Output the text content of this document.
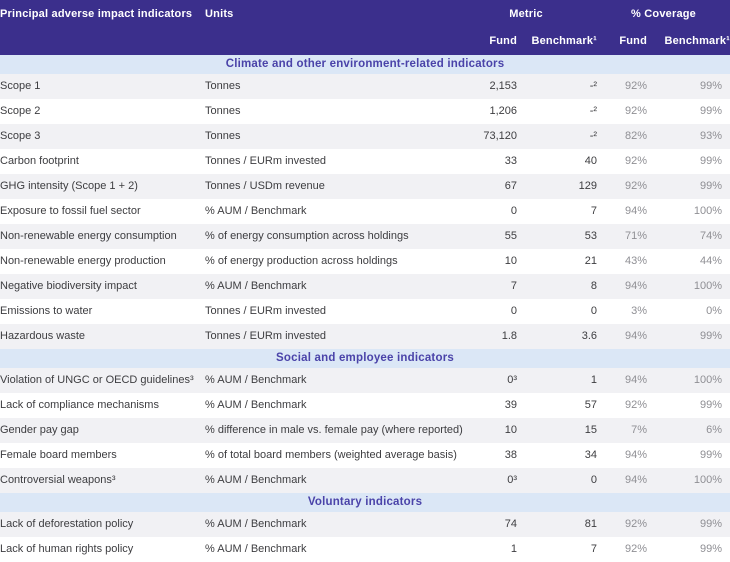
Principal adverse impact indicators	Units	Metric		% Coverage	
		Fund	Benchmark¹	Fund	Benchmark¹
Climate and other environment-related indicators					
Scope 1	Tonnes	2,153	-²	92%	99%
Scope 2	Tonnes	1,206	-²	92%	99%
Scope 3	Tonnes	73,120	-²	82%	93%
Carbon footprint	Tonnes / EURm invested	33	40	92%	99%
GHG intensity (Scope 1 + 2)	Tonnes / USDm revenue	67	129	92%	99%
Exposure to fossil fuel sector	% AUM / Benchmark	0	7	94%	100%
Non-renewable energy consumption	% of energy consumption across holdings	55	53	71%	74%
Non-renewable energy production	% of energy production across holdings	10	21	43%	44%
Negative biodiversity impact	% AUM / Benchmark	7	8	94%	100%
Emissions to water	Tonnes / EURm invested	0	0	3%	0%
Hazardous waste	Tonnes / EURm invested	1.8	3.6	94%	99%
Social and employee indicators					
Violation of UNGC or OECD guidelines³	% AUM / Benchmark	0³	1	94%	100%
Lack of compliance mechanisms	% AUM / Benchmark	39	57	92%	99%
Gender pay gap	% difference in male vs. female pay (where reported)	10	15	7%	6%
Female board members	% of total board members (weighted average basis)	38	34	94%	99%
Controversial weapons³	% AUM / Benchmark	0³	0	94%	100%
Voluntary indicators					
Lack of deforestation policy	% AUM / Benchmark	74	81	92%	99%
Lack of human rights policy	% AUM / Benchmark	1	7	92%	99%
